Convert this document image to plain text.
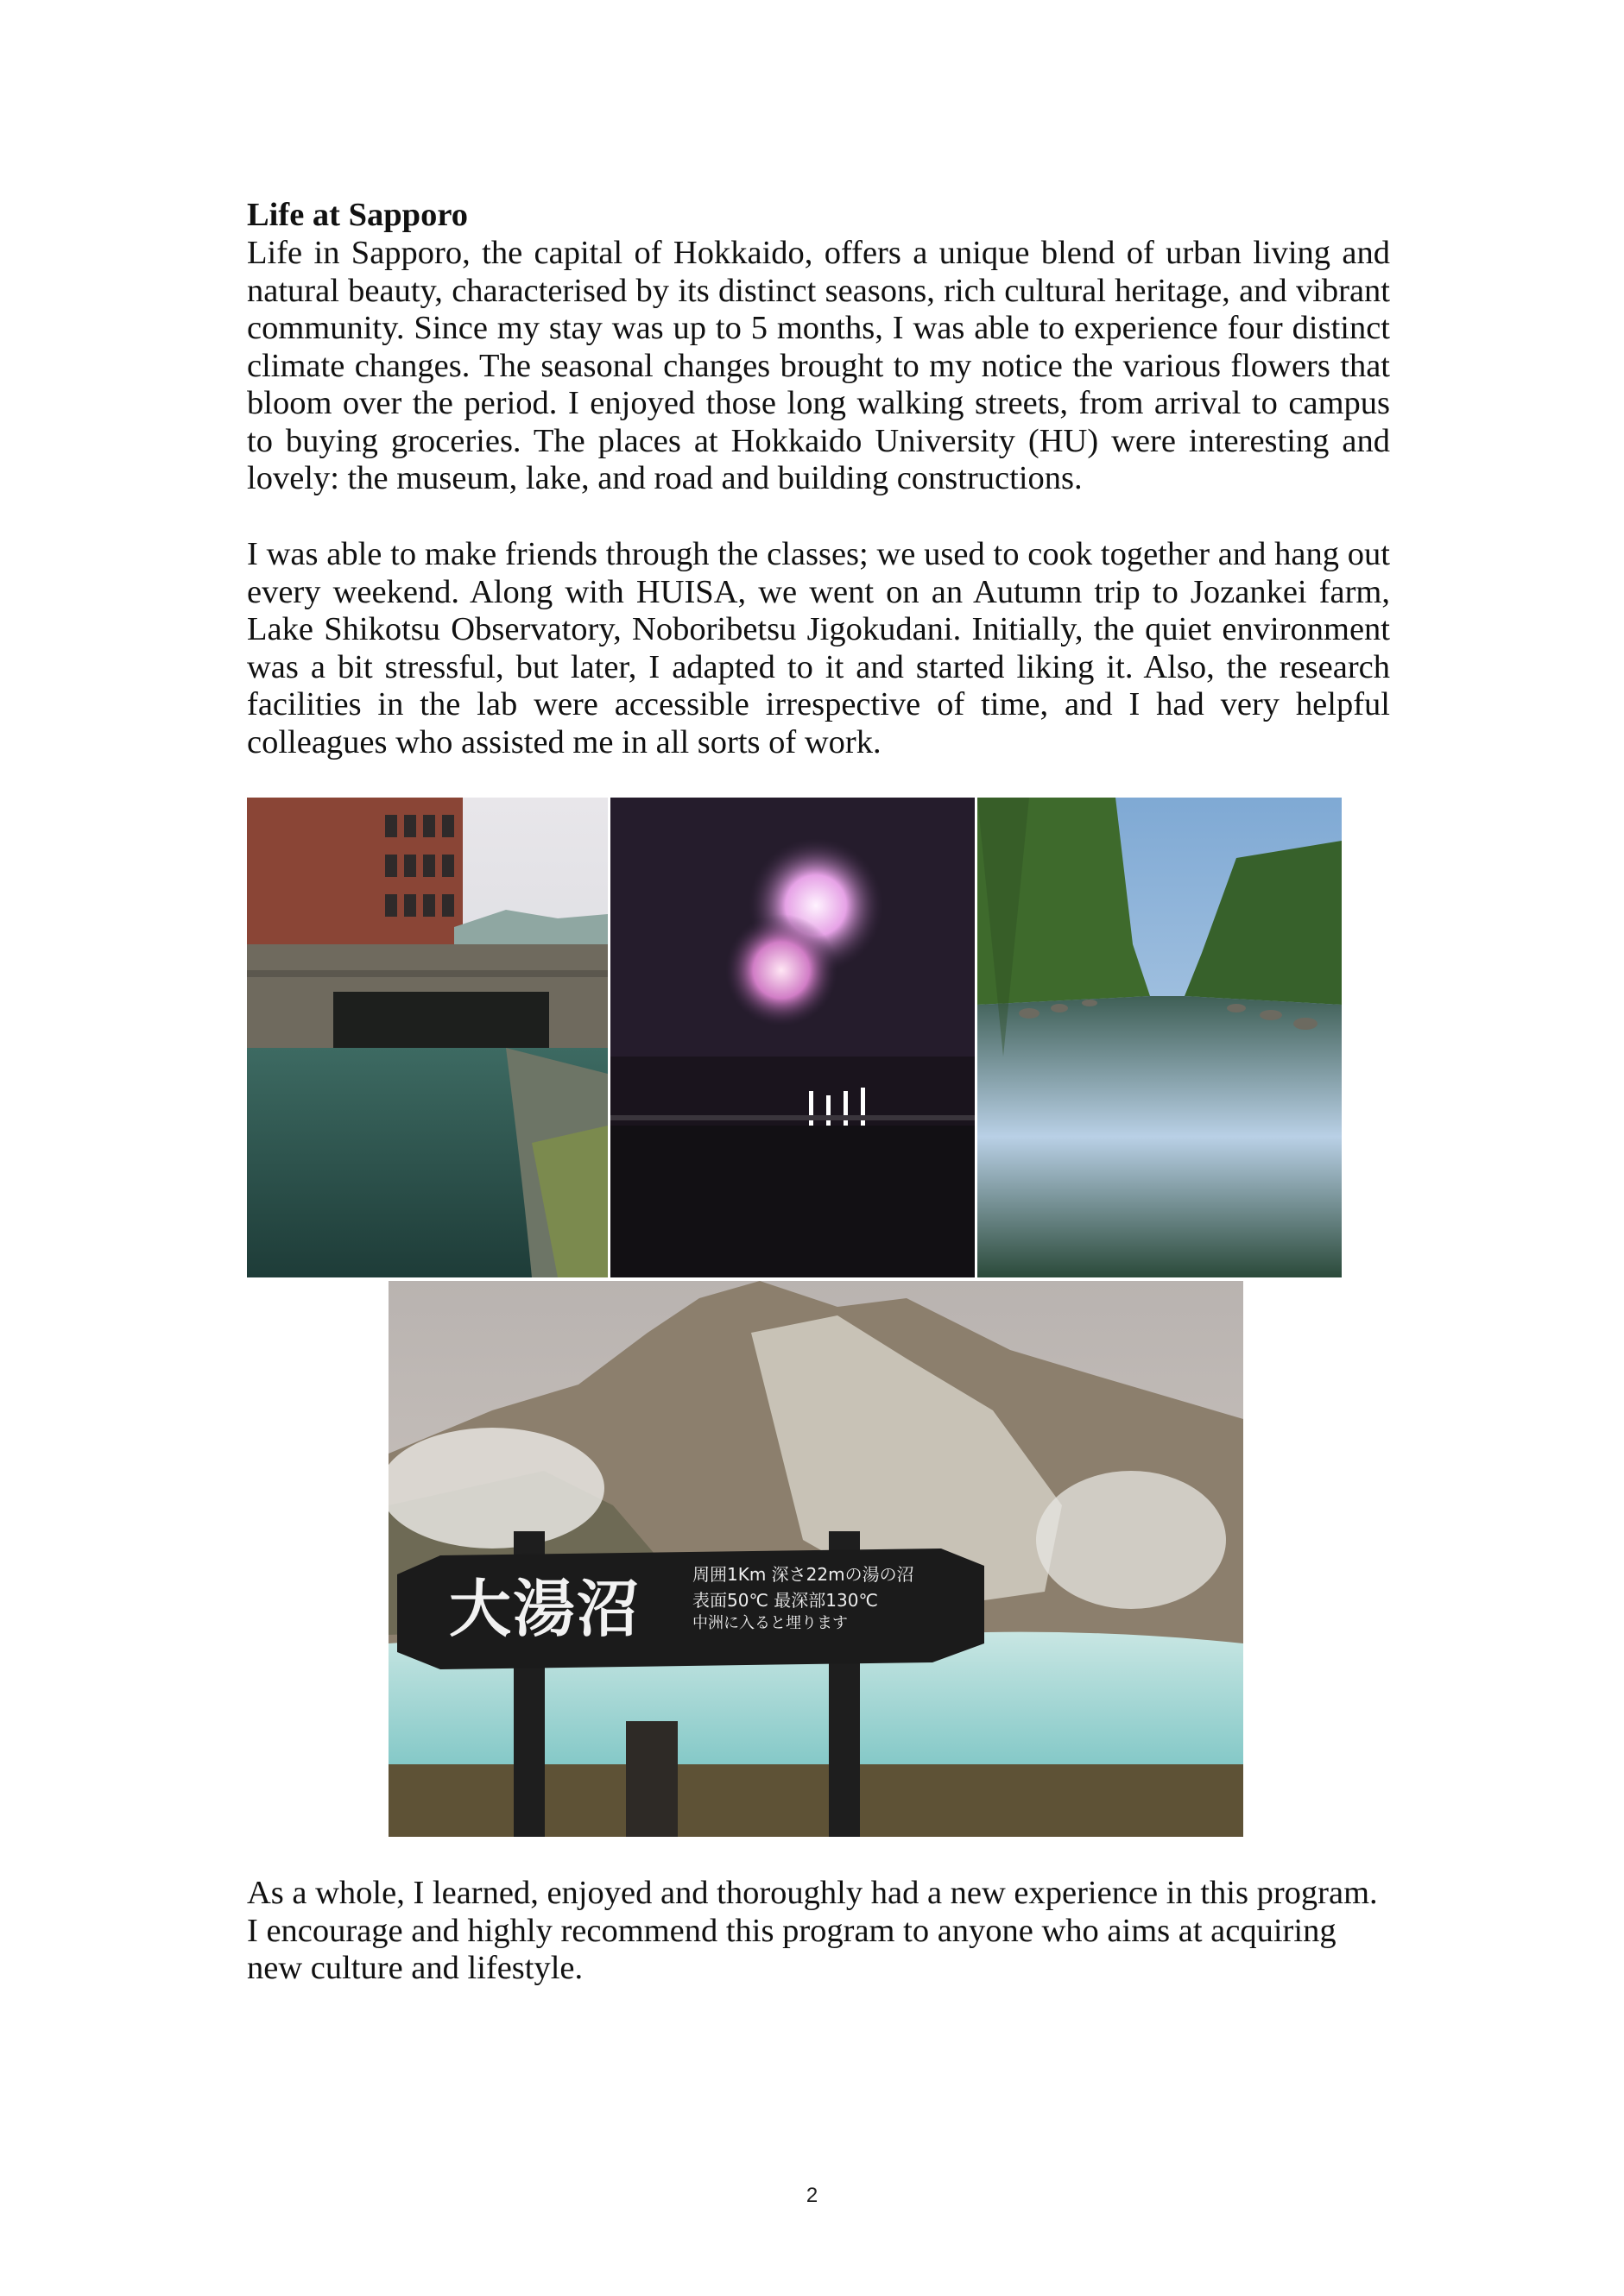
Life at Sapporo
Life in Sapporo, the capital of Hokkaido, offers a unique blend of urban living and natural beauty, characterised by its distinct seasons, rich cultural heritage, and vibrant community. Since my stay was up to 5 months, I was able to experience four distinct climate changes. The seasonal changes brought to my notice the various flowers that bloom over the period. I enjoyed those long walking streets, from arrival to campus to buying groceries. The places at Hokkaido University (HU) were interesting and lovely: the museum, lake, and road and building constructions.
I was able to make friends through the classes; we used to cook together and hang out every weekend. Along with HUISA, we went on an Autumn trip to Jozankei farm, Lake Shikotsu Observatory, Noboribetsu Jigokudani. Initially, the quiet environment was a bit stressful, but later, I adapted to it and started liking it. Also, the research facilities in the lab were accessible irrespective of time, and I had very helpful colleagues who assisted me in all sorts of work.
大湯沼	周囲1Km 深さ22mの湯の沼
表面50℃ 最深部130℃
中洲に入ると埋ります
As a whole, I learned, enjoyed and thoroughly had a new experience in this program. I encourage and highly recommend this program to anyone who aims at acquiring new culture and lifestyle.
2
